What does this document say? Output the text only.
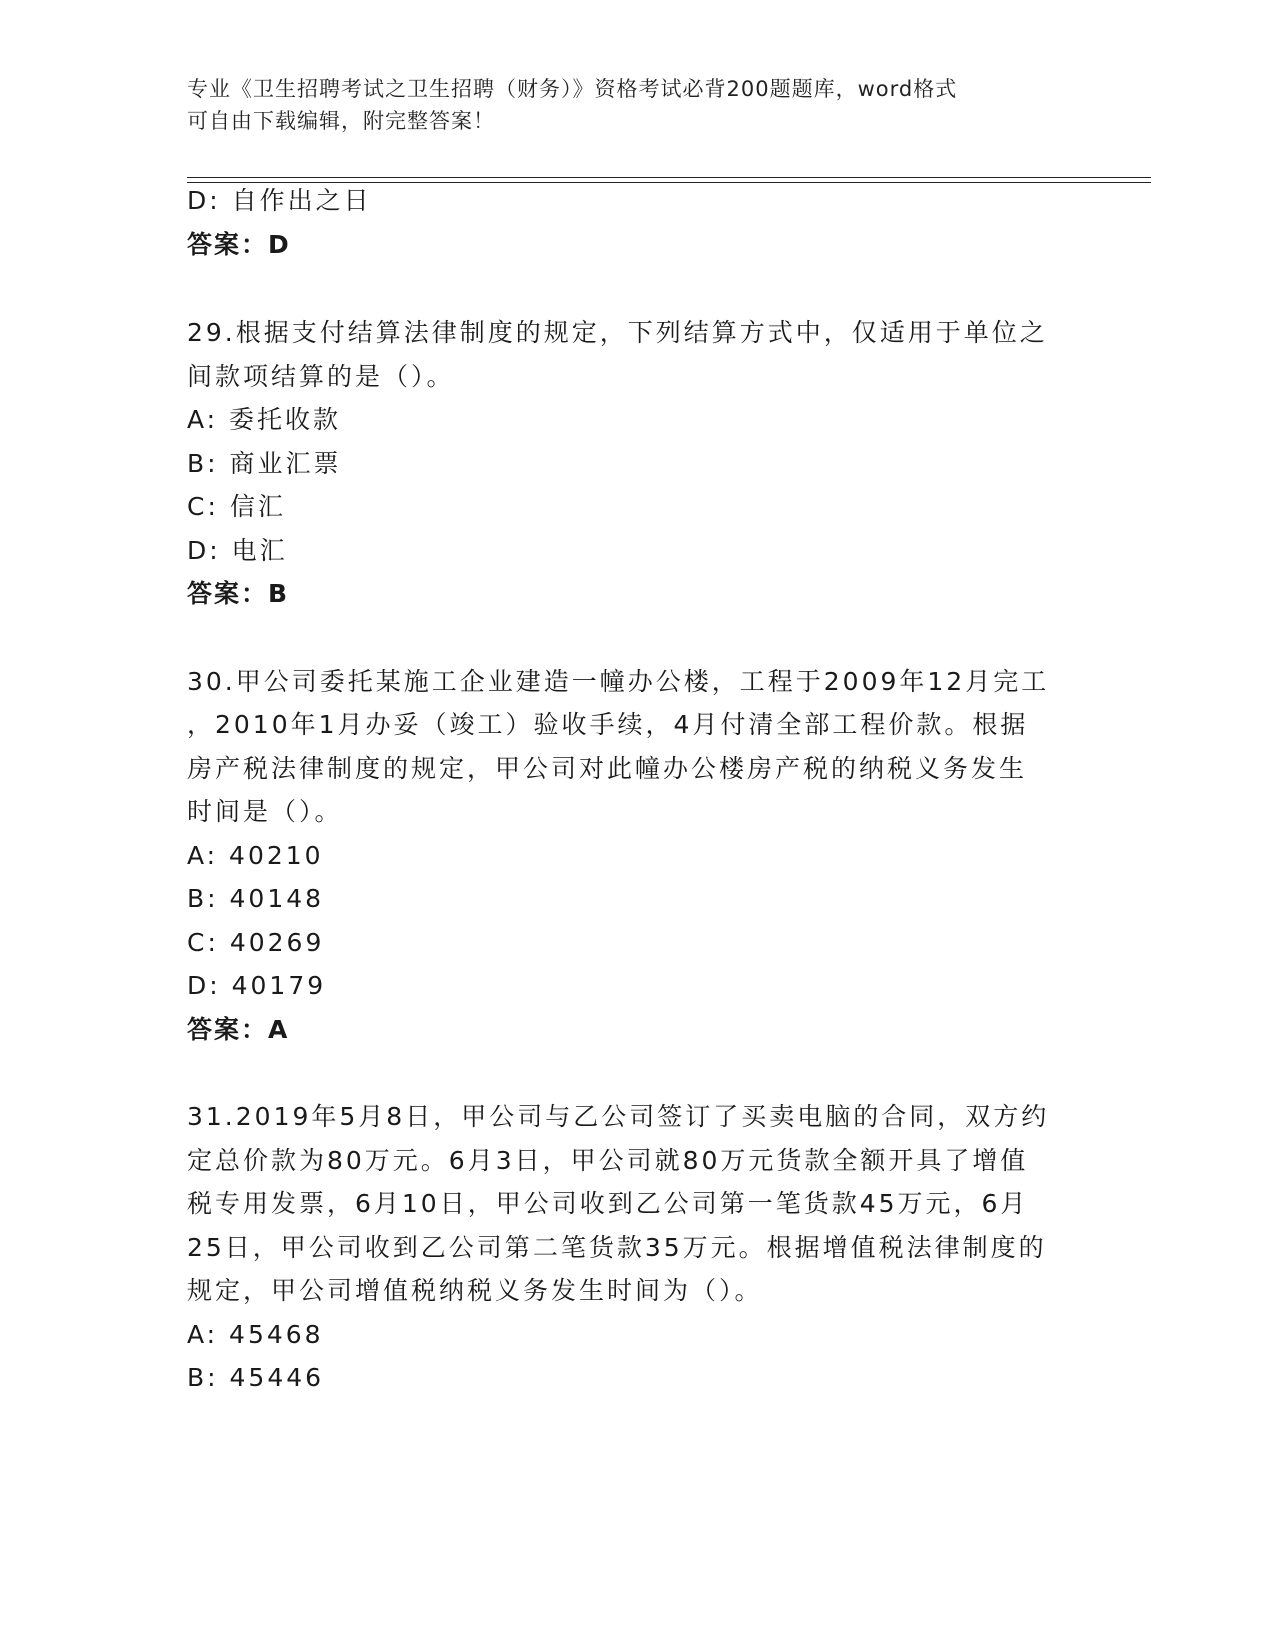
专业《卫生招聘考试之卫生招聘（财务）》资格考试必背200题题库，word格式
可自由下载编辑，附完整答案！
D: 自作出之日
答案：D
29.根据支付结算法律制度的规定，下列结算方式中，仅适用于单位之
间款项结算的是（）。
A: 委托收款
B: 商业汇票
C: 信汇
D: 电汇
答案：B
30.甲公司委托某施工企业建造一幢办公楼，工程于2009年12月完工
，2010年1月办妥（竣工）验收手续，4月付清全部工程价款。根据
房产税法律制度的规定，甲公司对此幢办公楼房产税的纳税义务发生
时间是（）。
A: 40210
B: 40148
C: 40269
D: 40179
答案：A
31.2019年5月8日，甲公司与乙公司签订了买卖电脑的合同，双方约
定总价款为80万元。6月3日，甲公司就80万元货款全额开具了增值
税专用发票，6月10日，甲公司收到乙公司第一笔货款45万元，6月
25日，甲公司收到乙公司第二笔货款35万元。根据增值税法律制度的
规定，甲公司增值税纳税义务发生时间为（）。
A: 45468
B: 45446
